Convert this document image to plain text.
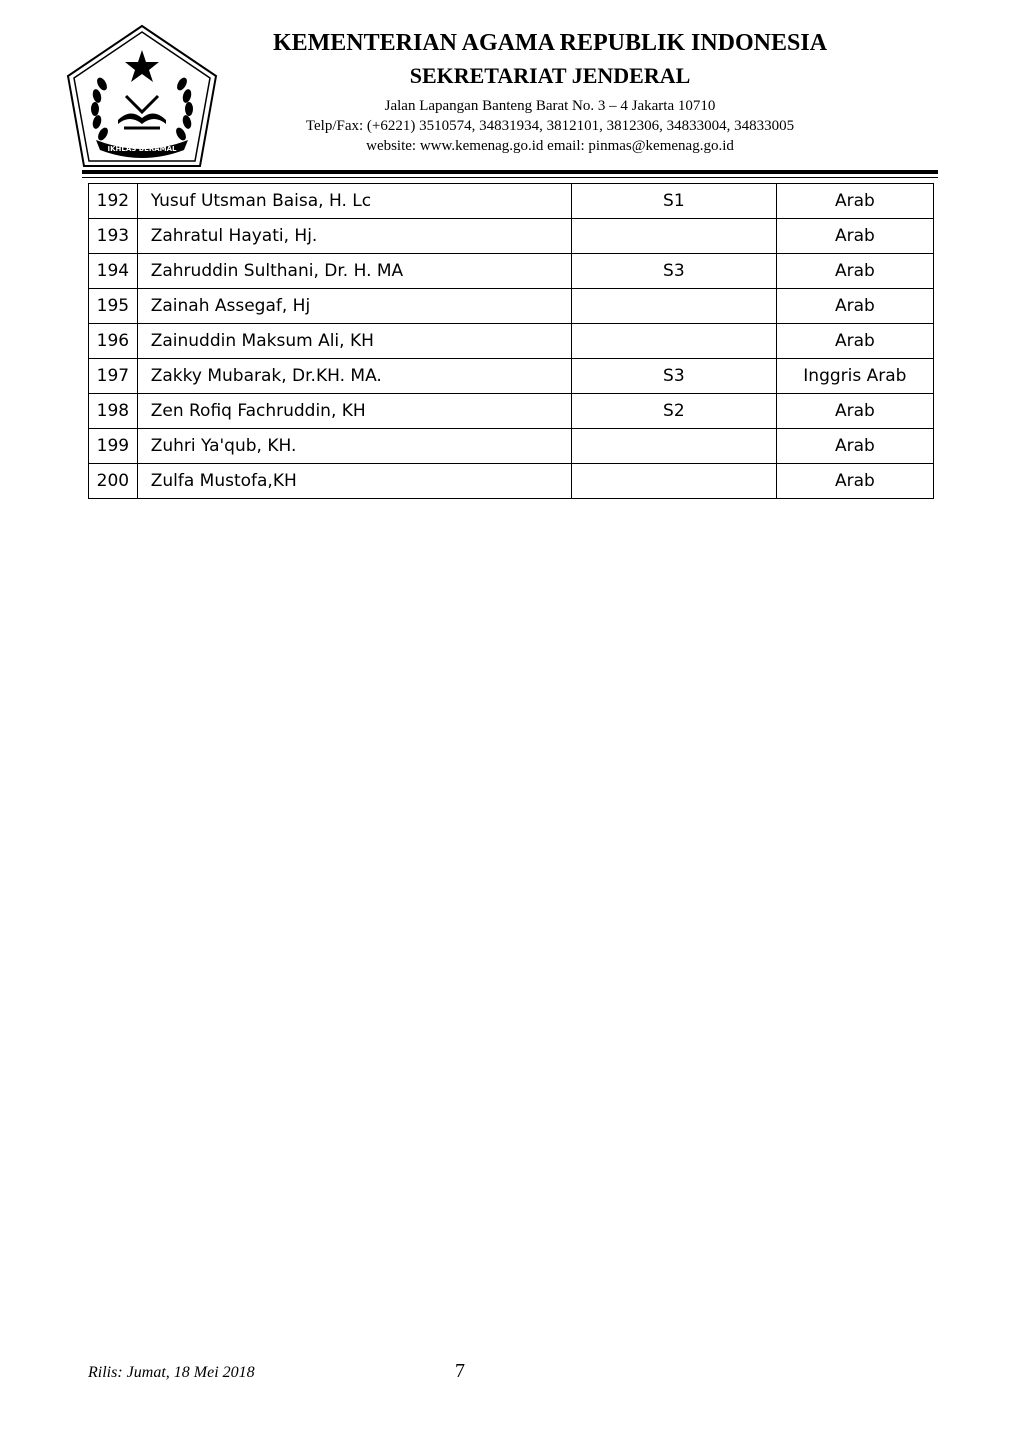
IKHLAS BERAMAL
KEMENTERIAN AGAMA REPUBLIK INDONESIA
SEKRETARIAT JENDERAL
Jalan Lapangan Banteng Barat No. 3 – 4 Jakarta 10710
Telp/Fax: (+6221) 3510574, 34831934, 3812101, 3812306, 34833004, 34833005
website: www.kemenag.go.id email: pinmas@kemenag.go.id
192	Yusuf Utsman Baisa, H. Lc	S1	Arab
193	Zahratul Hayati, Hj.		Arab
194	Zahruddin Sulthani, Dr. H. MA	S3	Arab
195	Zainah Assegaf, Hj		Arab
196	Zainuddin Maksum Ali, KH		Arab
197	Zakky Mubarak, Dr.KH. MA.	S3	Inggris Arab
198	Zen Rofiq Fachruddin, KH	S2	Arab
199	Zuhri Ya'qub, KH.		Arab
200	Zulfa Mustofa,KH		Arab
Rilis: Jumat, 18 Mei 2018	7
